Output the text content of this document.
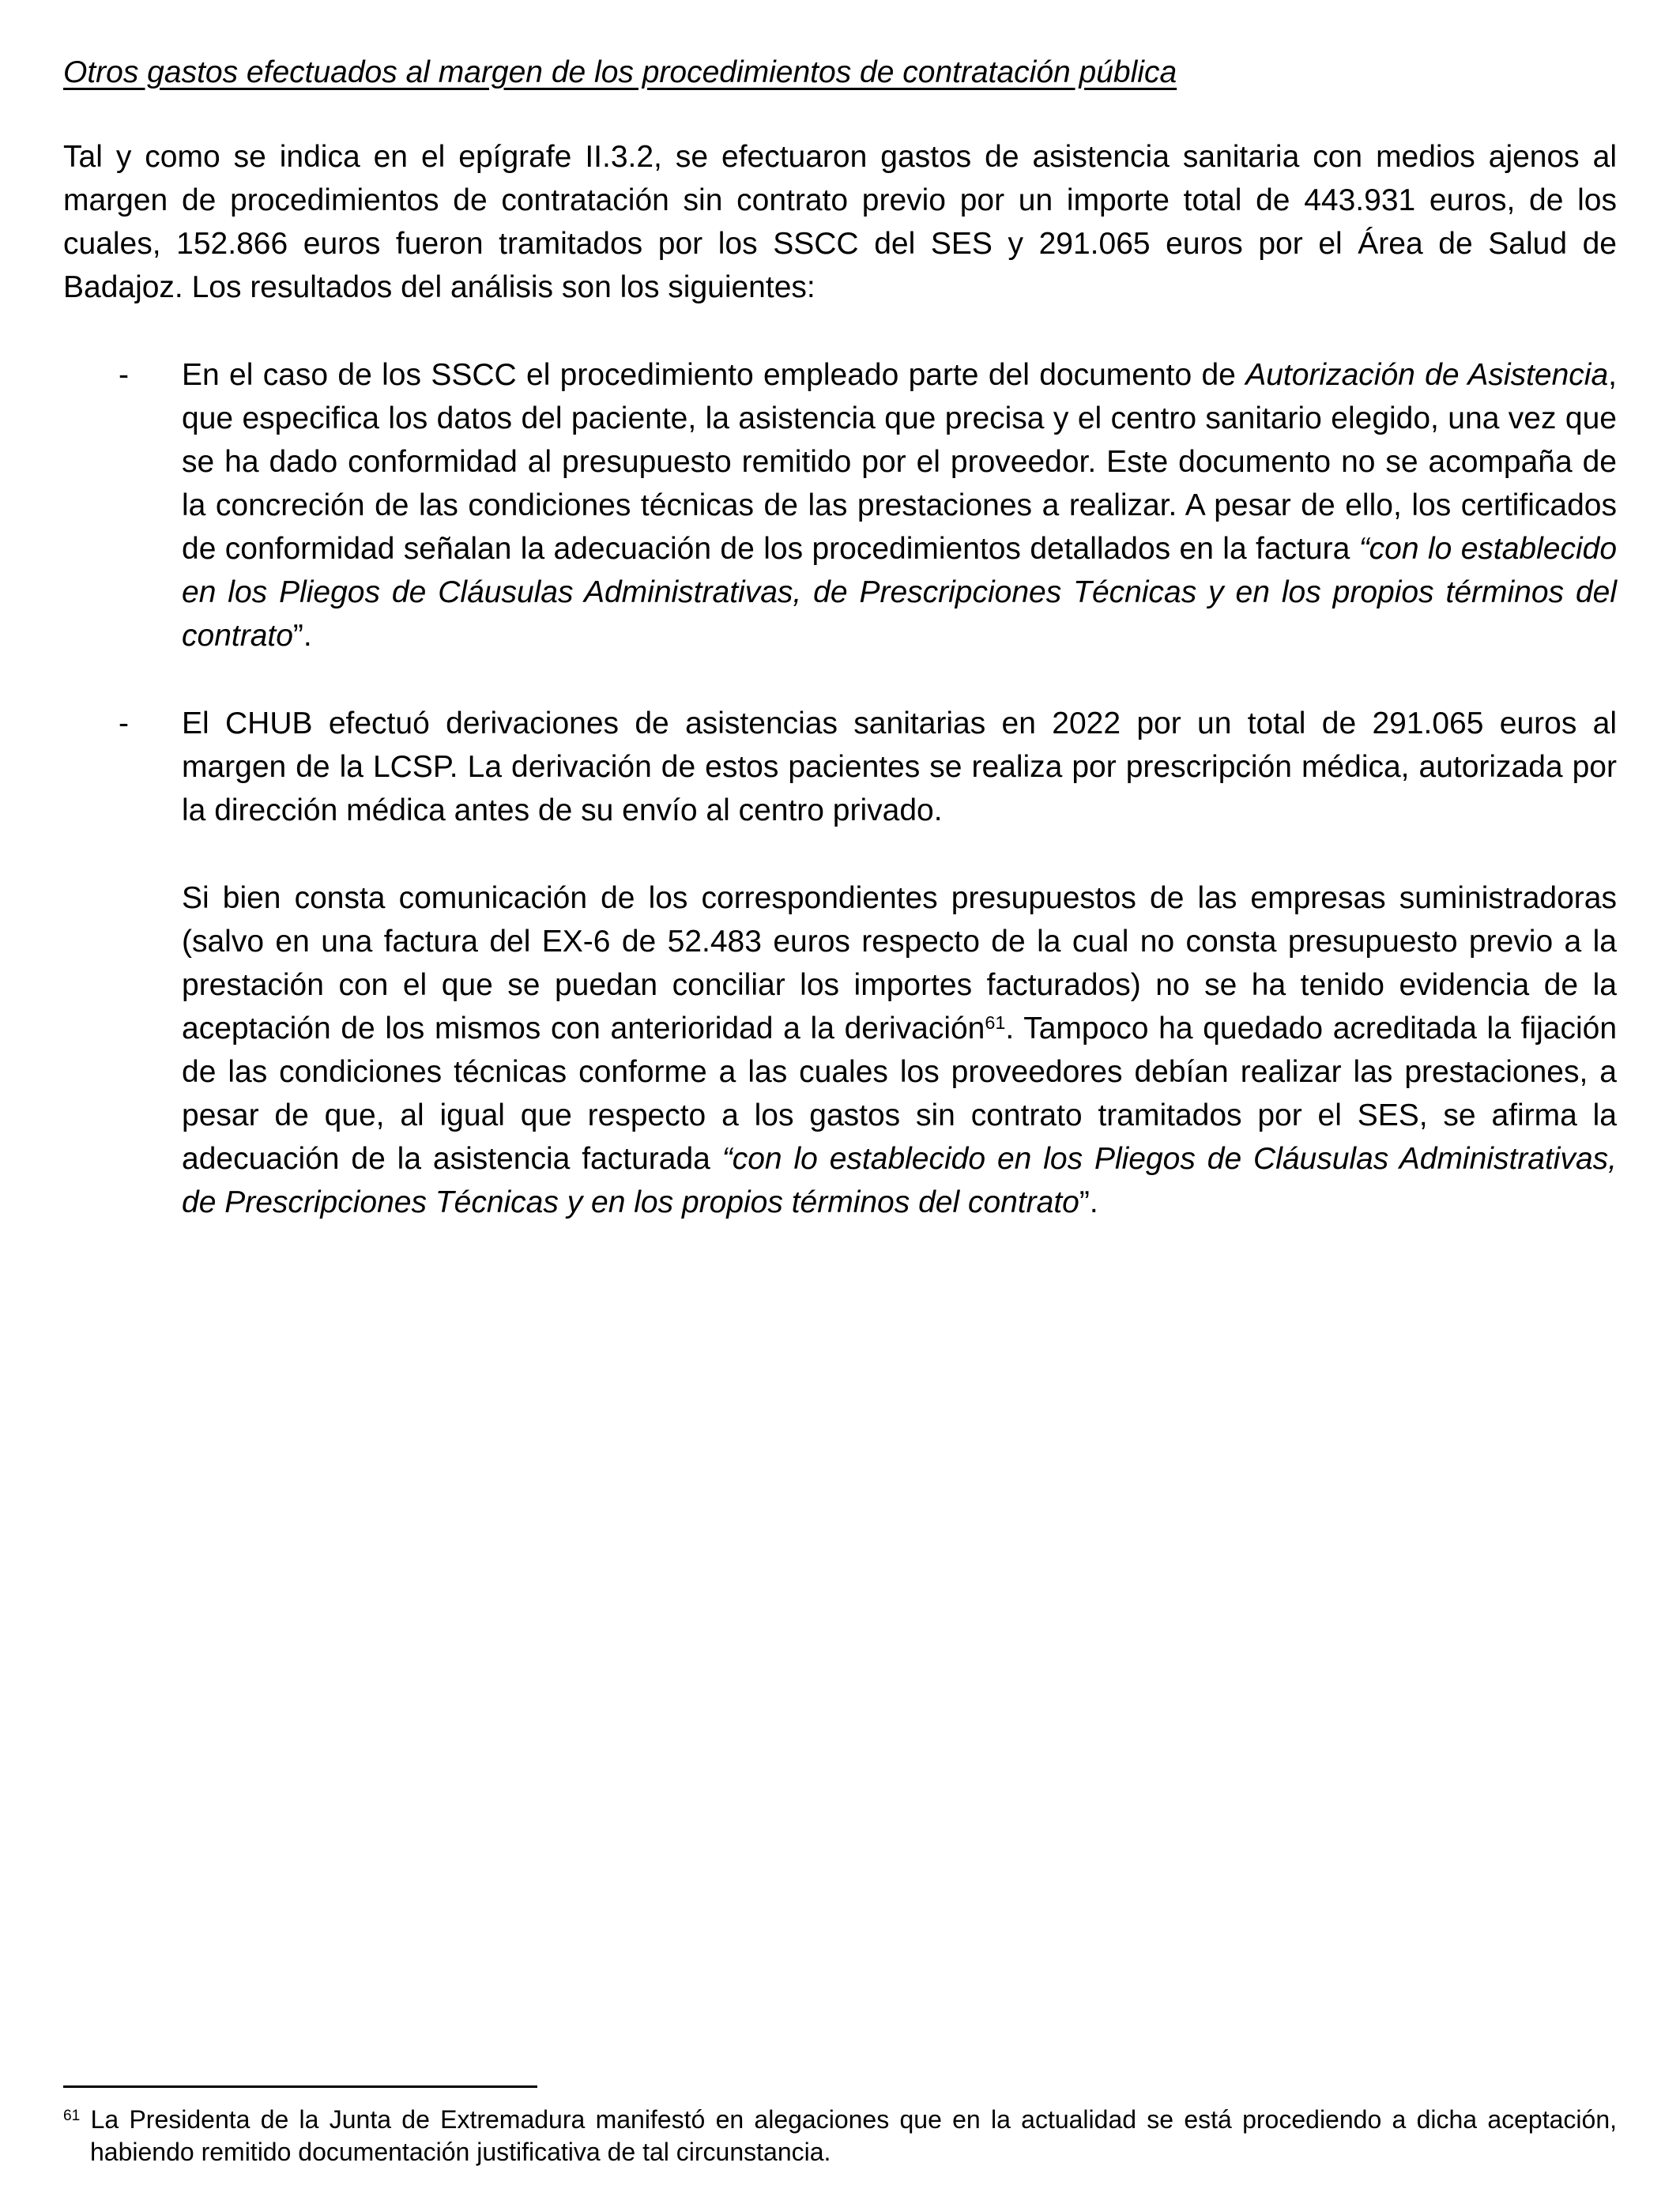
Otros gastos efectuados al margen de los procedimientos de contratación pública

Tal y como se indica en el epígrafe II.3.2, se efectuaron gastos de asistencia sanitaria con medios ajenos al margen de procedimientos de contratación sin contrato previo por un importe total de 443.931 euros, de los cuales, 152.866 euros fueron tramitados por los SSCC del SES y 291.065 euros por el Área de Salud de Badajoz. Los resultados del análisis son los siguientes:

-	En el caso de los SSCC el procedimiento empleado parte del documento de Autorización de Asistencia, que especifica los datos del paciente, la asistencia que precisa y el centro sanitario elegido, una vez que se ha dado conformidad al presupuesto remitido por el proveedor. Este documento no se acompaña de la concreción de las condiciones técnicas de las prestaciones a realizar. A pesar de ello, los certificados de conformidad señalan la adecuación de los procedimientos detallados en la factura “con lo establecido en los Pliegos de Cláusulas Administrativas, de Prescripciones Técnicas y en los propios términos del contrato”.
-	El CHUB efectuó derivaciones de asistencias sanitarias en 2022 por un total de 291.065 euros al margen de la LCSP. La derivación de estos pacientes se realiza por prescripción médica, autorizada por la dirección médica antes de su envío al centro privado.
Si bien consta comunicación de los correspondientes presupuestos de las empresas suministradoras (salvo en una factura del EX-6 de 52.483 euros respecto de la cual no consta presupuesto previo a la prestación con el que se puedan conciliar los importes facturados) no se ha tenido evidencia de la aceptación de los mismos con anterioridad a la derivación$^{61}$. Tampoco ha quedado acreditada la fijación de las condiciones técnicas conforme a las cuales los proveedores debían realizar las prestaciones, a pesar de que, al igual que respecto a los gastos sin contrato tramitados por el SES, se afirma la adecuación de la asistencia facturada “con lo establecido en los Pliegos de Cláusulas Administrativas, de Prescripciones Técnicas y en los propios términos del contrato”.
$^{61}$ La Presidenta de la Junta de Extremadura manifestó en alegaciones que en la actualidad se está procediendo a dicha aceptación, habiendo remitido documentación justificativa de tal circunstancia.
